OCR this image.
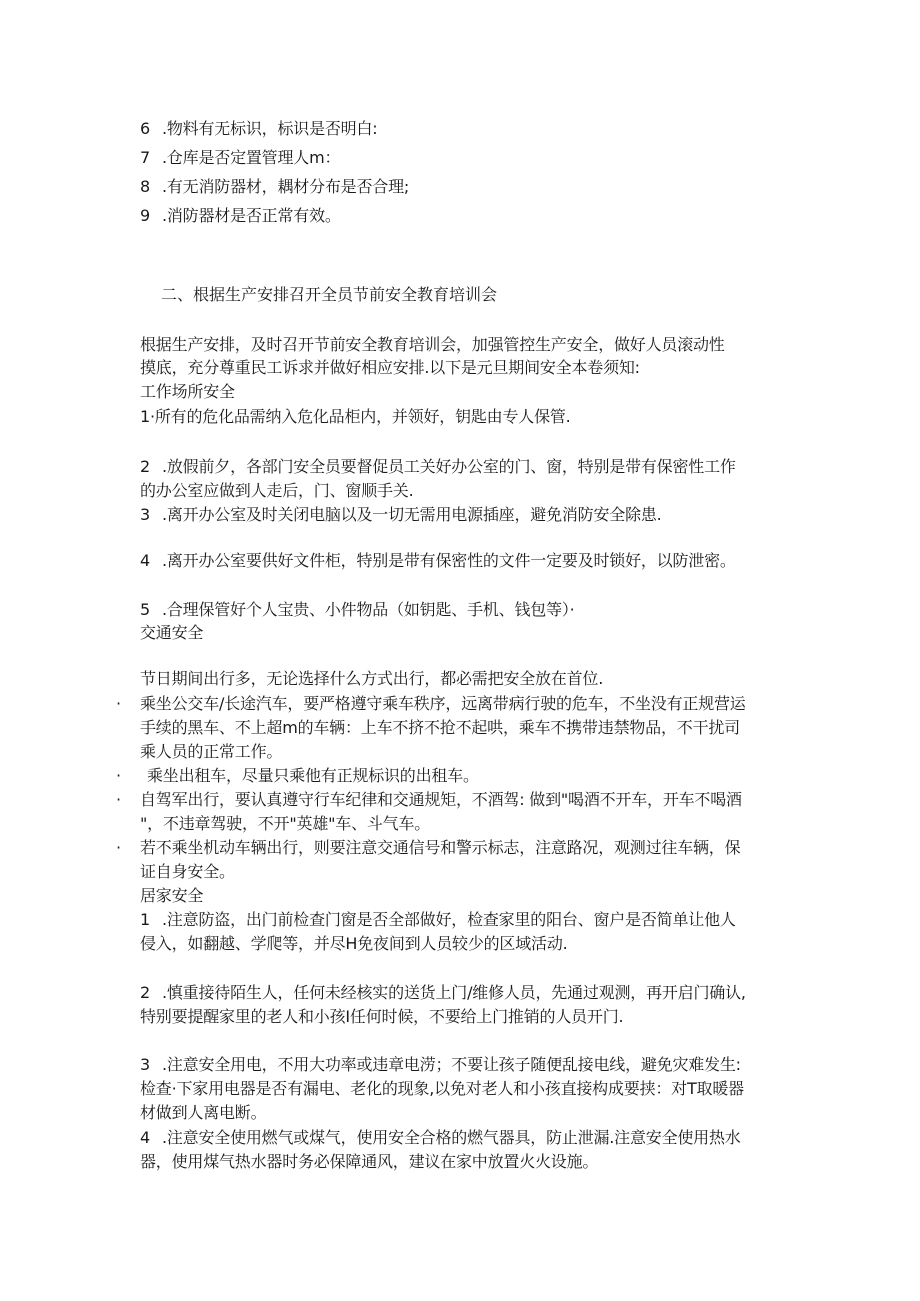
6 .物料有无标识，标识是否明白:
7 .仓库是否定置管理人m：
8 .有无消防器材，耦材分布是否合理;
9 .消防器材是否正常有效。
二、根据生产安排召开全员节前安全教育培训会
根据生产安排，及时召开节前安全教育培训会，加强管控生产安全，做好人员滚动性
摸底，充分尊重民工诉求并做好相应安排.以下是元旦期间安全本卷须知:
工作场所安全
1·所有的危化品需纳入危化品柜内，并领好，钥匙由专人保管.
2 .放假前夕，各部门安全员要督促员工关好办公室的门、窗，特别是带有保密性工作
的办公室应做到人走后，门、窗顺手关.
3 .离开办公室及时关闭电脑以及一切无需用电源插座，避免消防安全除患.
4 .离开办公室要供好文件柜，特别是带有保密性的文件一定要及时锁好，以防泄密。
5 .合理保管好个人宝贵、小件物品（如钥匙、手机、钱包等）·
交通安全
节日期间出行多，无论选择什么方式出行，都必需把安全放在首位.
· 乘坐公交车/长途汽车，要严格遵守乘车秩序，远离带病行驶的危车，不坐没有正规营运
手续的黑车、不上超m的车辆：上车不挤不抢不起哄，乘车不携带违禁物品，不干扰司
乘人员的正常工作。
· 乘坐出租车，尽量只乘他有正规标识的出租车。
· 自驾军出行，要认真遵守行车纪律和交通规矩，不酒驾: 做到"喝酒不开车，开车不喝酒
"，不违章驾驶，不开"英雄"车、斗气车。
· 若不乘坐机动车辆出行，则要注意交通信号和警示标志，注意路况，观测过往车辆，保
证自身安全。
居家安全
1 .注意防盗，出门前检查门窗是否全部做好，检查家里的阳台、窗户是否简单让他人
侵入，如翻越、学爬等，并尽H免夜间到人员较少的区域活动.
2 .慎重接待陌生人，任何未经核实的送货上门/维修人员，先通过观测，再开启门确认,
特别要提醒家里的老人和小孩I任何时候，不要给上门推销的人员开门.
3 .注意安全用电，不用大功率或违章电涝；不要让孩子随便乱接电线，避免灾难发生:
检查·下家用电器是否有漏电、老化的现象,以免对老人和小孩直接构成要挟：对T取暖器
材做到人离电断。
4 .注意安全使用燃气或煤气，使用安全合格的燃气器具，防止泄漏.注意安全使用热水
器，使用煤气热水器时务必保障通风，建议在家中放置火火设施。
